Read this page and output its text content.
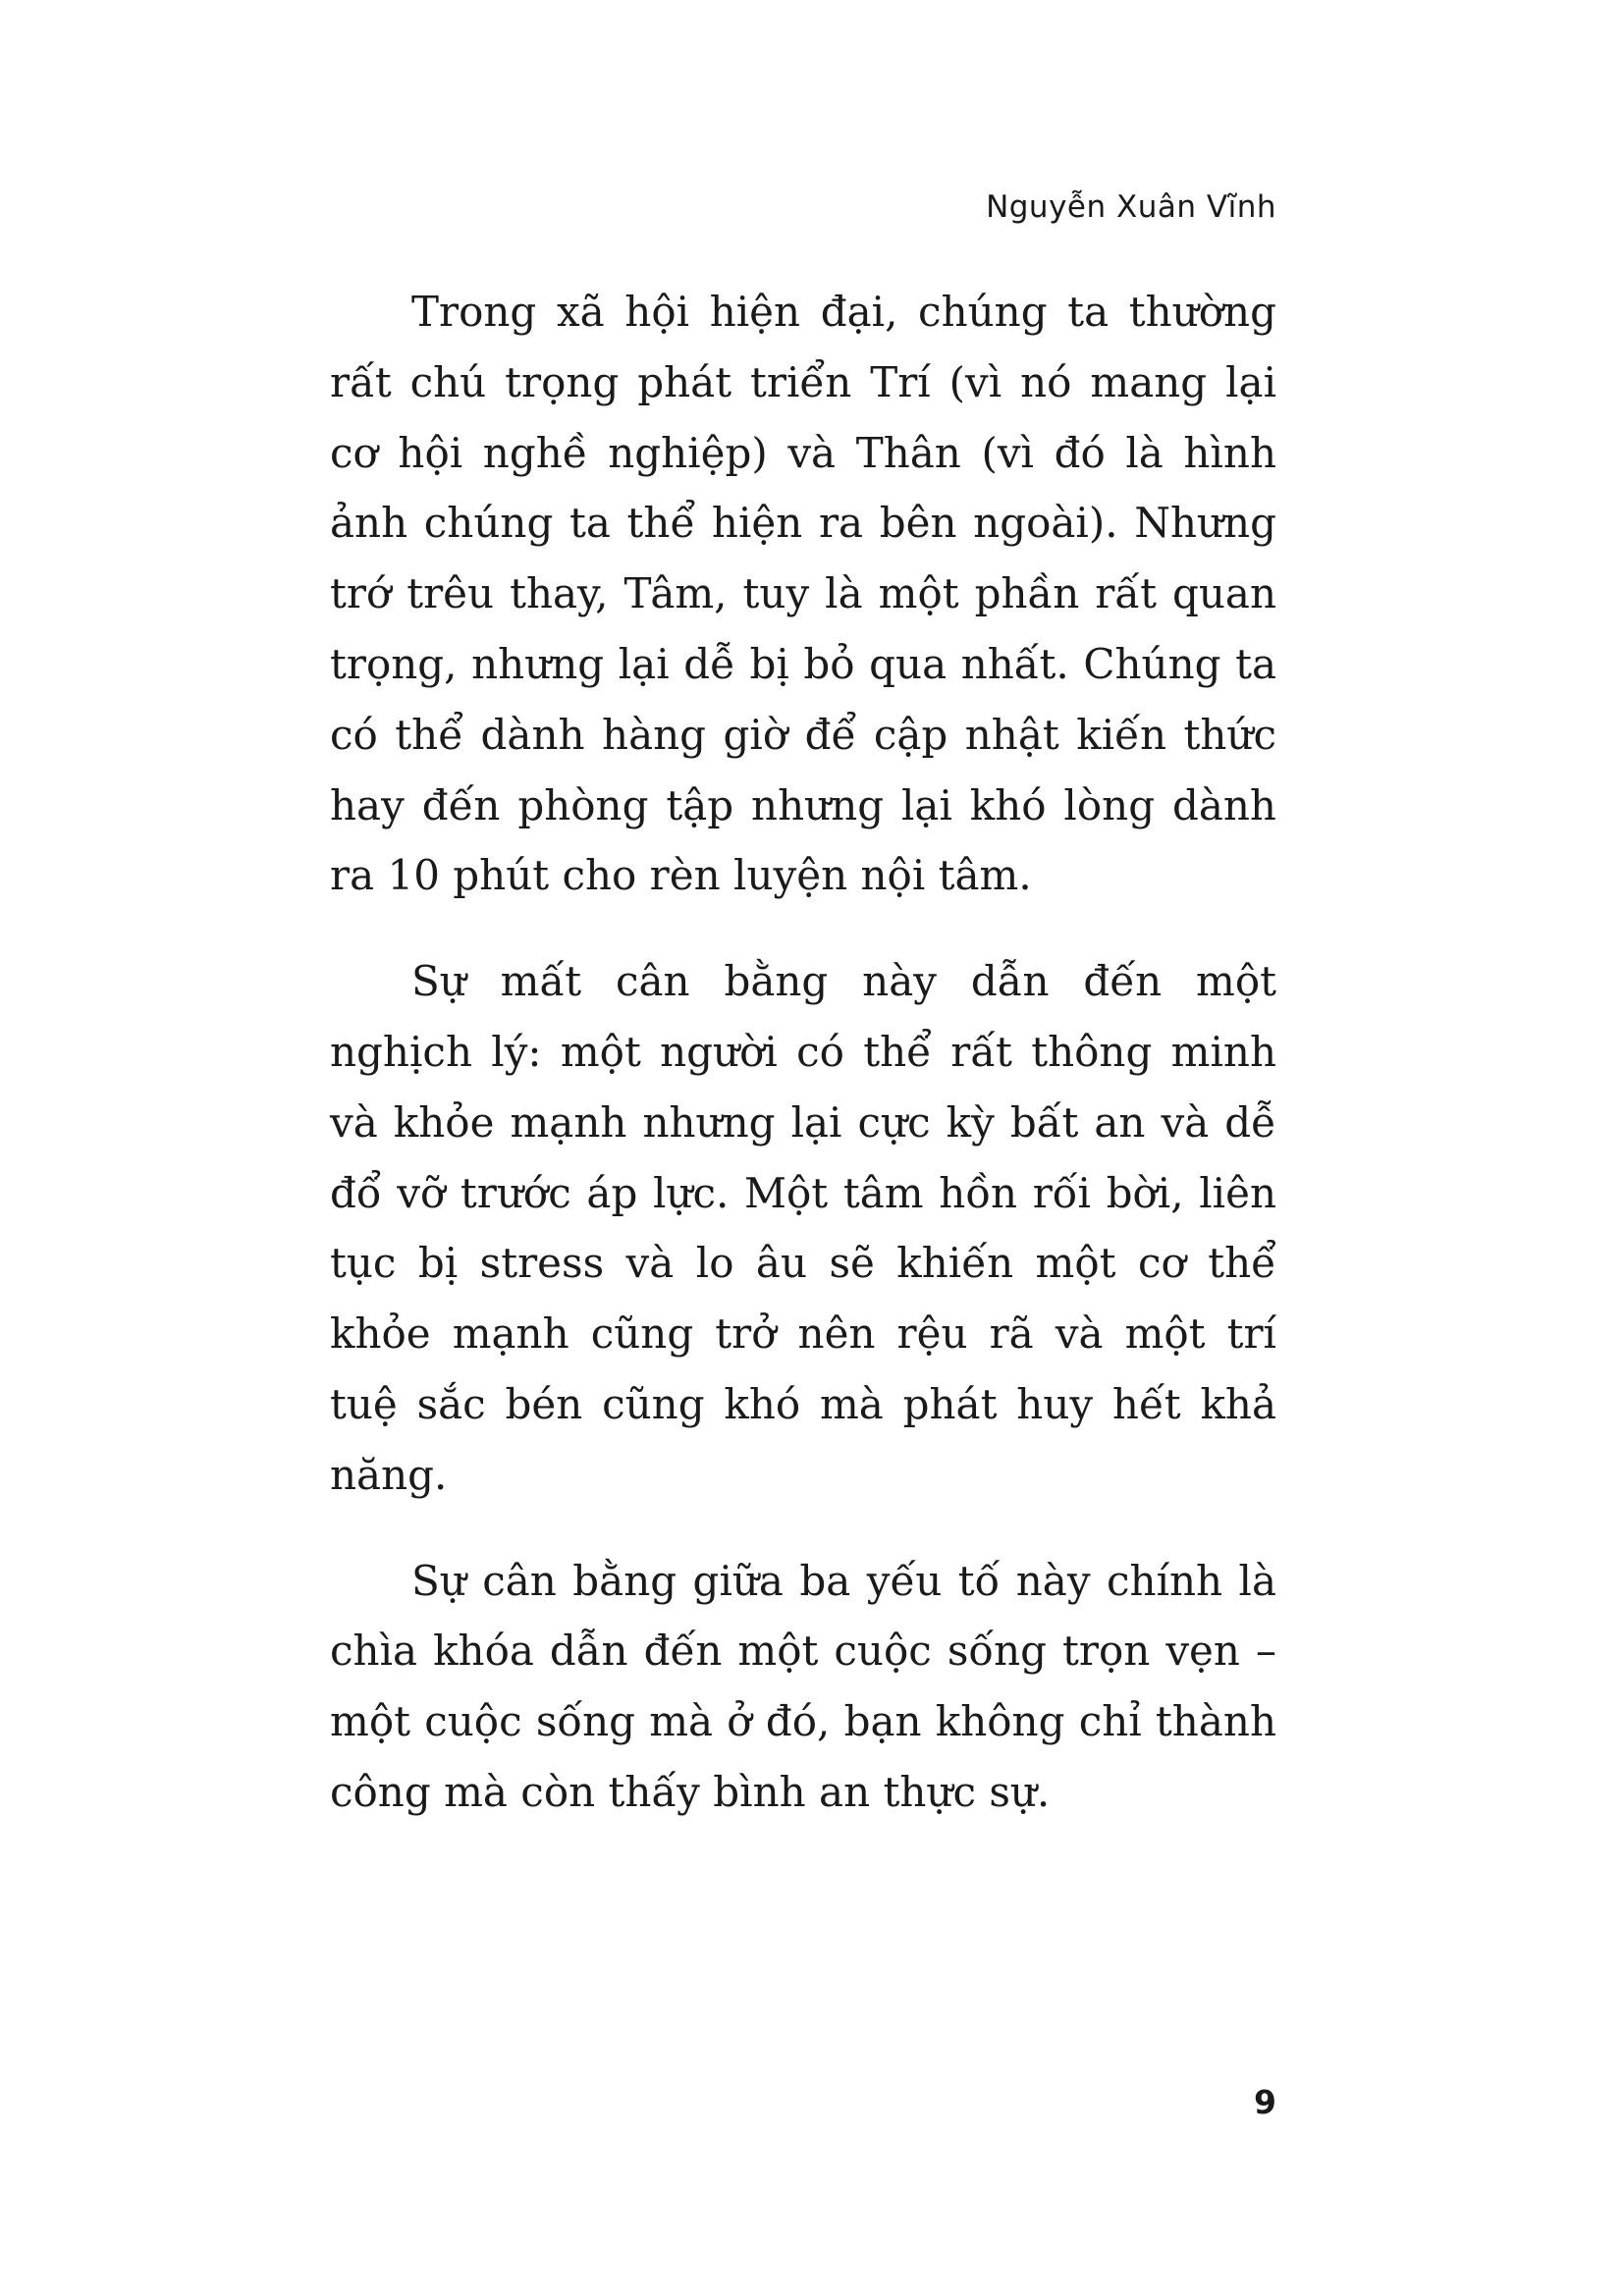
Nguyễn Xuân Vĩnh

Trong xã hội hiện đại, chúng ta thường rất chú trọng phát triển Trí (vì nó mang lại cơ hội nghề nghiệp) và Thân (vì đó là hình ảnh chúng ta thể hiện ra bên ngoài). Nhưng trớ trêu thay, Tâm, tuy là một phần rất quan trọng, nhưng lại dễ bị bỏ qua nhất. Chúng ta có thể dành hàng giờ để cập nhật kiến thức hay đến phòng tập nhưng lại khó lòng dành ra 10 phút cho rèn luyện nội tâm.

Sự mất cân bằng này dẫn đến một nghịch lý: một người có thể rất thông minh và khỏe mạnh nhưng lại cực kỳ bất an và dễ đổ vỡ trước áp lực. Một tâm hồn rối bời, liên tục bị stress và lo âu sẽ khiến một cơ thể khỏe mạnh cũng trở nên rệu rã và một trí tuệ sắc bén cũng khó mà phát huy hết khả năng.

Sự cân bằng giữa ba yếu tố này chính là chìa khóa dẫn đến một cuộc sống trọn vẹn – một cuộc sống mà ở đó, bạn không chỉ thành công mà còn thấy bình an thực sự.

9
